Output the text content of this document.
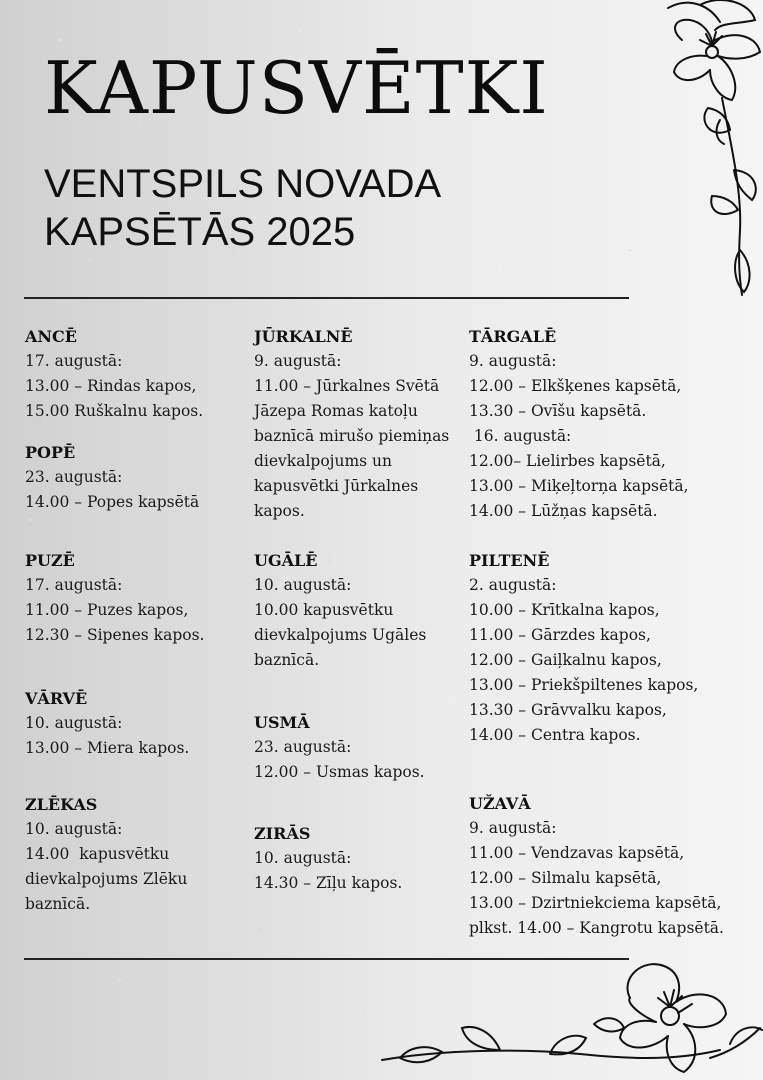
KAPUSVĒTKI
VENTSPILS NOVADA
KAPSĒTĀS 2025
ANCĒ

17. augustā:

13.00 – Rindas kapos,

15.00 Ruškalnu kapos.

POPĒ

23. augustā:

14.00 – Popes kapsētā

PUZĒ

17. augustā:

11.00 – Puzes kapos,

12.30 – Sipenes kapos.

VĀRVĒ

10. augustā:

13.00 – Miera kapos.

ZLĒKAS

10. augustā:

14.00  kapusvētku

dievkalpojums Zlēku

baznīcā.

JŪRKALNĒ

9. augustā:

11.00 – Jūrkalnes Svētā

Jāzepa Romas katoļu

baznīcā mirušo piemiņas

dievkalpojums un

kapusvētki Jūrkalnes

kapos.

UGĀLĒ

10. augustā:

10.00 kapusvētku

dievkalpojums Ugāles

baznīcā.

USMĀ

23. augustā:

12.00 – Usmas kapos.

ZIRĀS

10. augustā:

14.30 – Zīļu kapos.

TĀRGALĒ

9. augustā:

12.00 – Elkšķenes kapsētā,

13.30 – Ovīšu kapsētā.

16. augustā:

12.00– Lielirbes kapsētā,

13.00 – Miķeļtorņa kapsētā,

14.00 – Lūžņas kapsētā.

PILTENĒ

2. augustā:

10.00 – Krītkalna kapos,

11.00 – Gārzdes kapos,

12.00 – Gaiļkalnu kapos,

13.00 – Priekšpiltenes kapos,

13.30 – Grāvvalku kapos,

14.00 – Centra kapos.

UŽAVĀ

9. augustā:

11.00 – Vendzavas kapsētā,

12.00 – Silmalu kapsētā,

13.00 – Dzirtniekciema kapsētā,

plkst. 14.00 – Kangrotu kapsētā.
